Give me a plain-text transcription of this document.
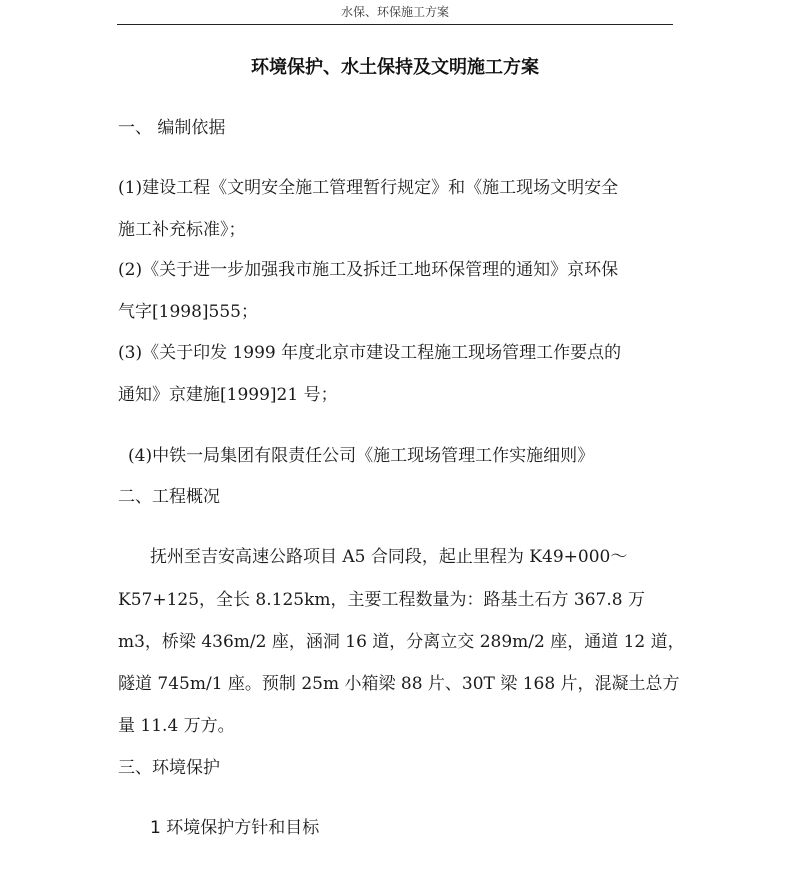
水保、环保施工方案
环境保护、水土保持及文明施工方案
一、 编制依据
(1)建设工程《文明安全施工管理暂行规定》和《施工现场文明安全
施工补充标准》；
(2)《关于进一步加强我市施工及拆迁工地环保管理的通知》京环保
气字[1998]555；
(3)《关于印发 1999 年度北京市建设工程施工现场管理工作要点的
通知》京建施[1999]21 号；
(4)中铁一局集团有限责任公司《施工现场管理工作实施细则》
二、工程概况
抚州至吉安高速公路项目 A5 合同段，起止里程为 K49+000～
K57+125，全长 8.125km，主要工程数量为：路基土石方 367.8 万
m3，桥梁 436m/2 座，涵洞 16 道，分离立交 289m/2 座，通道 12 道，
隧道 745m/1 座。预制 25m 小箱梁 88 片、30T 梁 168 片，混凝土总方
量 11.4 万方。
三、环境保护
1 环境保护方针和目标
